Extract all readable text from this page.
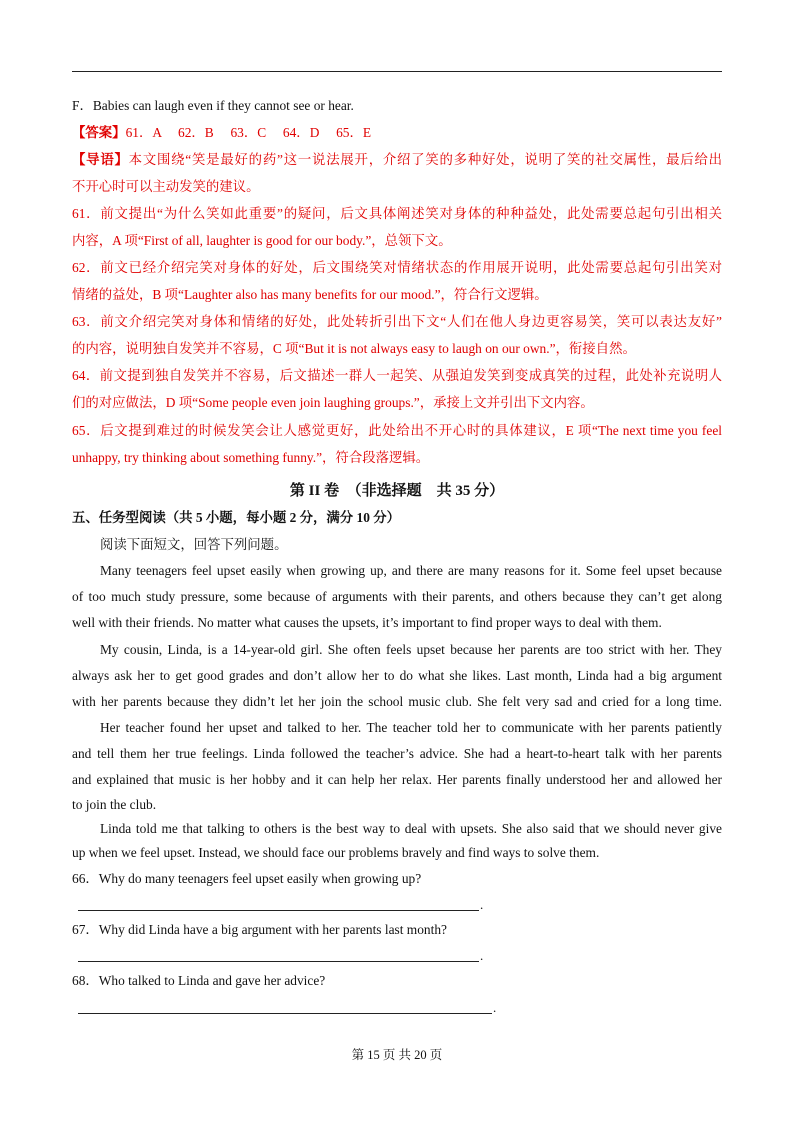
F．Babies can laugh even if they cannot see or hear.
【答案】61．A　 62．B　 63．C　 64．D　 65．E
【导语】本文围绕“笑是最好的药”这一说法展开，介绍了笑的多种好处，说明了笑的社交属性，最后给出
不开心时可以主动发笑的建议。
61．前文提出“为什么笑如此重要”的疑问，后文具体阐述笑对身体的种种益处，此处需要总起句引出相关
内容，A 项“First of all, laughter is good for our body.”，总领下文。
62．前文已经介绍完笑对身体的好处，后文围绕笑对情绪状态的作用展开说明，此处需要总起句引出笑对
情绪的益处，B 项“Laughter also has many benefits for our mood.”，符合行文逻辑。
63．前文介绍完笑对身体和情绪的好处，此处转折引出下文“人们在他人身边更容易笑，笑可以表达友好”
的内容，说明独自发笑并不容易，C 项“But it is not always easy to laugh on our own.”，衔接自然。
64．前文提到独自发笑并不容易，后文描述一群人一起笑、从强迫发笑到变成真笑的过程，此处补充说明人
们的对应做法，D 项“Some people even join laughing groups.”，承接上文并引出下文内容。
65．后文提到难过的时候发笑会让人感觉更好，此处给出不开心时的具体建议，E 项“The next time you feel
unhappy, try thinking about something funny.”，符合段落逻辑。
第 II 卷　（非选择题　共 35 分）
五、任务型阅读（共 5 小题，每小题 2 分，满分 10 分）
阅读下面短文，回答下列问题。
Many teenagers feel upset easily when growing up, and there are many reasons for it. Some feel upset because
of too much study pressure, some because of arguments with their parents, and others because they can’t get along
well with their friends. No matter what causes the upsets, it’s important to find proper ways to deal with them.
My cousin, Linda, is a 14-year-old girl. She often feels upset because her parents are too strict with her. They
always ask her to get good grades and don’t allow her to do what she likes. Last month, Linda had a big argument
with her parents because they didn’t let her join the school music club. She felt very sad and cried for a long time.
Her teacher found her upset and talked to her. The teacher told her to communicate with her parents patiently
and tell them her true feelings. Linda followed the teacher’s advice. She had a heart-to-heart talk with her parents
and explained that music is her hobby and it can help her relax. Her parents finally understood her and allowed her
to join the club.
Linda told me that talking to others is the best way to deal with upsets. She also said that we should never give
up when we feel upset. Instead, we should face our problems bravely and find ways to solve them.
66．Why do many teenagers feel upset easily when growing up?
.
67．Why did Linda have a big argument with her parents last month?
.
68．Who talked to Linda and gave her advice?
.
第 15 页 共 20 页
